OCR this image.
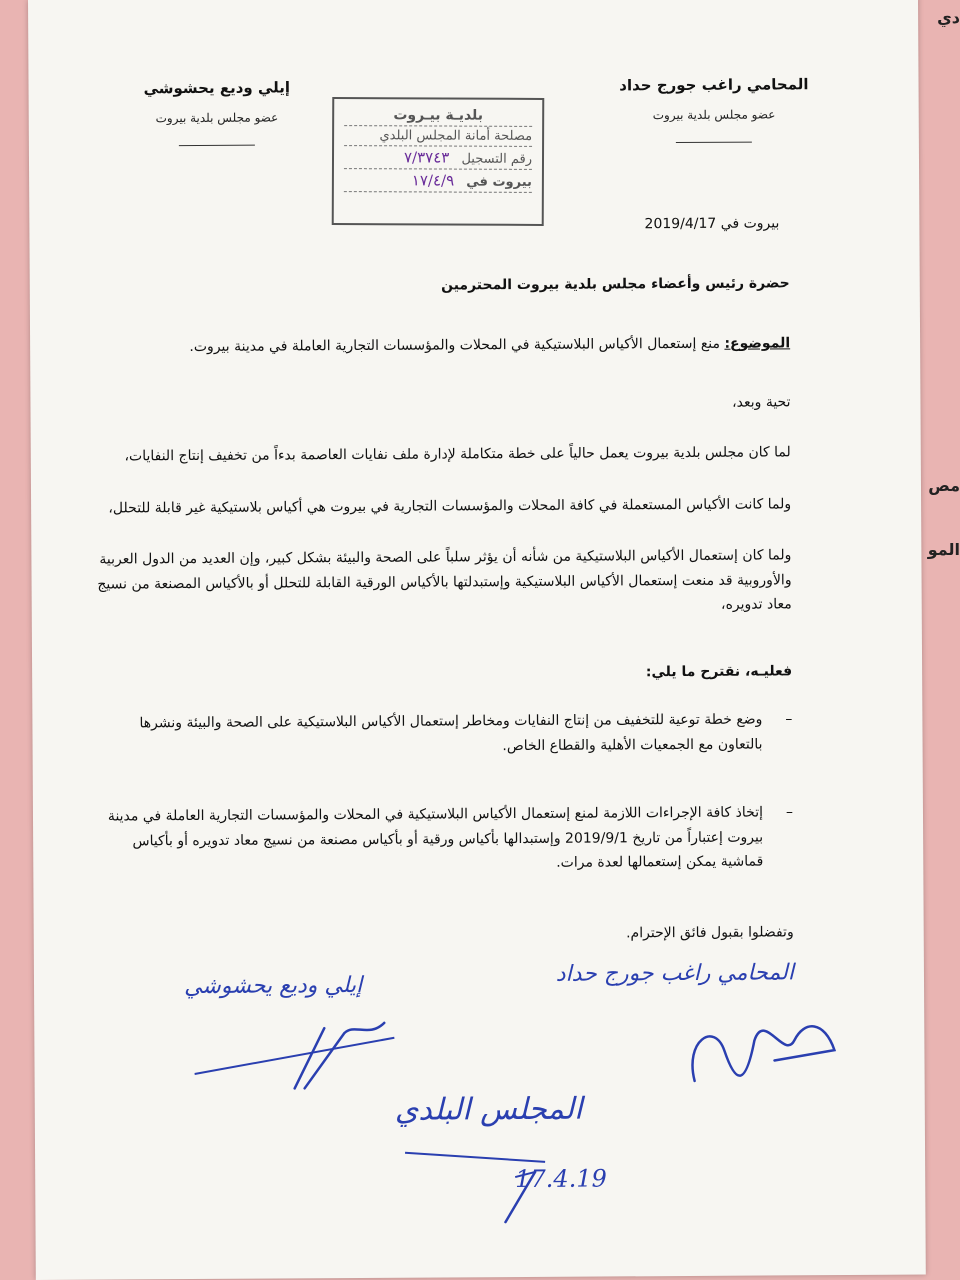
دي
مص
المو
المحامي راغب جورج حداد
عضو مجلس بلدية بيروت
إيلي وديع يحشوشي
عضو مجلس بلدية بيروت	بلديـة بيـروت
مصلحة أمانة المجلس البلدي
رقم التسجيل ٧/٣٧٤٣
بيروت في ١٧/٤/٩
بيروت في 2019/4/17
حضرة رئيس وأعضاء مجلس بلدية بيروت المحترمين
الموضوع: منع إستعمال الأكياس البلاستيكية في المحلات والمؤسسات التجارية العاملة في مدينة بيروت.
تحية وبعد،
لما كان مجلس بلدية بيروت يعمل حالياً على خطة متكاملة لإدارة ملف نفايات العاصمة بدءاً من تخفيف إنتاج النفايات،
ولما كانت الأكياس المستعملة في كافة المحلات والمؤسسات التجارية في بيروت هي أكياس بلاستيكية غير قابلة للتحلل،
ولما كان إستعمال الأكياس البلاستيكية من شأنه أن يؤثر سلباً على الصحة والبيئة بشكل كبير، وإن العديد من الدول العربية والأوروبية قد منعت إستعمال الأكياس البلاستيكية وإستبدلتها بالأكياس الورقية القابلة للتحلل أو بالأكياس المصنعة من نسيج معاد تدويره،
فعليـه، نقترح ما يلي:
–
وضع خطة توعية للتخفيف من إنتاج النفايات ومخاطر إستعمال الأكياس البلاستيكية على الصحة والبيئة ونشرها بالتعاون مع الجمعيات الأهلية والقطاع الخاص.
–
إتخاذ كافة الإجراءات اللازمة لمنع إستعمال الأكياس البلاستيكية في المحلات والمؤسسات التجارية العاملة في مدينة بيروت إعتباراً من تاريخ 2019/9/1 وإستبدالها بأكياس ورقية أو بأكياس مصنعة من نسيج معاد تدويره أو بأكياس قماشية يمكن إستعمالها لعدة مرات.
وتفضلوا بقبول فائق الإحترام.
المحامي راغب جورج حداد
إيلي وديع يحشوشي
المجلس البلدي
17.4.19
